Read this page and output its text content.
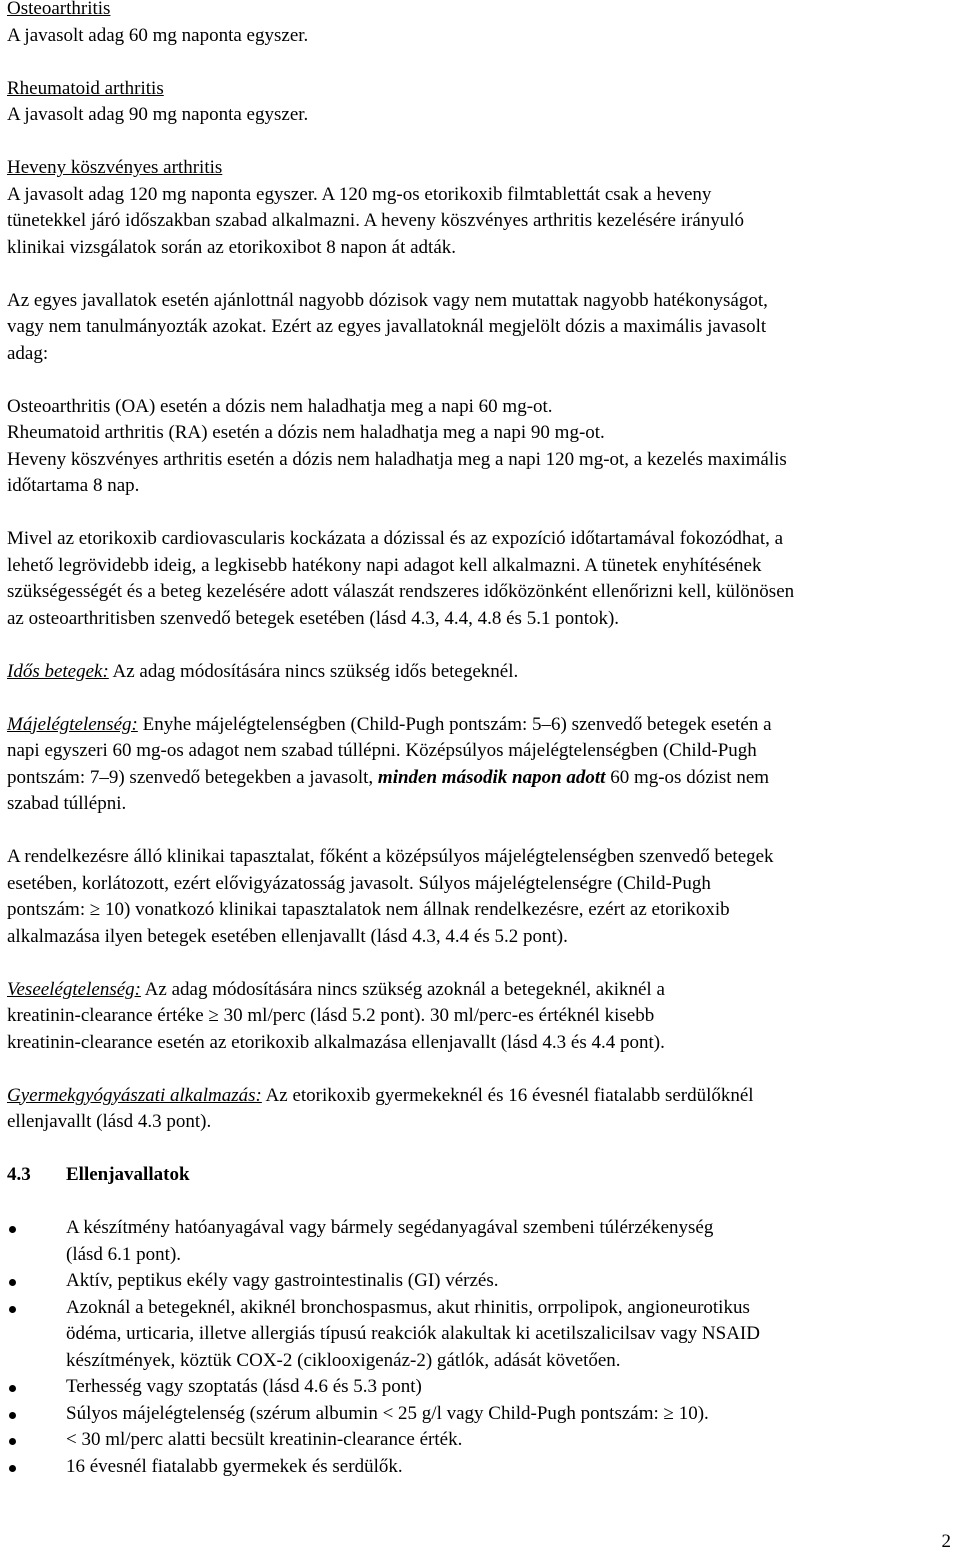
Osteoarthritis

A javasolt adag 60 mg naponta egyszer.

Rheumatoid arthritis

A javasolt adag 90 mg naponta egyszer.

Heveny köszvényes arthritis

A javasolt adag 120 mg naponta egyszer. A 120 mg-os etorikoxib filmtablettát csak a heveny

tünetekkel járó időszakban szabad alkalmazni. A heveny köszvényes arthritis kezelésére irányuló

klinikai vizsgálatok során az etorikoxibot 8 napon át adták.

Az egyes javallatok esetén ajánlottnál nagyobb dózisok vagy nem mutattak nagyobb hatékonyságot,

vagy nem tanulmányozták azokat. Ezért az egyes javallatoknál megjelölt dózis a maximális javasolt

adag:

Osteoarthritis (OA) esetén a dózis nem haladhatja meg a napi 60 mg-ot.

Rheumatoid arthritis (RA) esetén a dózis nem haladhatja meg a napi 90 mg-ot.

Heveny köszvényes arthritis esetén a dózis nem haladhatja meg a napi 120 mg-ot, a kezelés maximális

időtartama 8 nap.

Mivel az etorikoxib cardiovascularis kockázata a dózissal és az expozíció időtartamával fokozódhat, a

lehető legrövidebb ideig, a legkisebb hatékony napi adagot kell alkalmazni. A tünetek enyhítésének

szükségességét és a beteg kezelésére adott válaszát rendszeres időközönként ellenőrizni kell, különösen

az osteoarthritisben szenvedő betegek esetében (lásd 4.3, 4.4, 4.8 és 5.1 pontok).

Idős betegek: Az adag módosítására nincs szükség idős betegeknél.

Májelégtelenség: Enyhe májelégtelenségben (Child-Pugh pontszám: 5–6) szenvedő betegek esetén a

napi egyszeri 60 mg-os adagot nem szabad túllépni. Középsúlyos májelégtelenségben (Child-Pugh

pontszám: 7–9) szenvedő betegekben a javasolt, minden második napon adott 60 mg-os dózist nem

szabad túllépni.

A rendelkezésre álló klinikai tapasztalat, főként a középsúlyos májelégtelenségben szenvedő betegek

esetében, korlátozott, ezért elővigyázatosság javasolt. Súlyos májelégtelenségre (Child-Pugh

pontszám: ≥ 10) vonatkozó klinikai tapasztalatok nem állnak rendelkezésre, ezért az etorikoxib

alkalmazása ilyen betegek esetében ellenjavallt (lásd 4.3, 4.4 és 5.2 pont).

Veseelégtelenség: Az adag módosítására nincs szükség azoknál a betegeknél, akiknél a

kreatinin-clearance értéke ≥ 30 ml/perc (lásd 5.2 pont). 30 ml/perc-es értéknél kisebb

kreatinin-clearance esetén az etorikoxib alkalmazása ellenjavallt (lásd 4.3 és 4.4 pont).

Gyermekgyógyászati alkalmazás: Az etorikoxib gyermekeknél és 16 évesnél fiatalabb serdülőknél

ellenjavallt (lásd 4.3 pont).

4.3	Ellenjavallatok

A készítmény hatóanyagával vagy bármely segédanyagával szembeni túlérzékenység
(lásd 6.1 pont).
Aktív, peptikus ekély vagy gastrointestinalis (GI) vérzés.
Azoknál a betegeknél, akiknél bronchospasmus, akut rhinitis, orrpolipok, angioneurotikus
ödéma, urticaria, illetve allergiás típusú reakciók alakultak ki acetilszalicilsav vagy NSAID
készítmények, köztük COX-2 (ciklooxigenáz-2) gátlók, adását követően.
Terhesség vagy szoptatás (lásd 4.6 és 5.3 pont)
Súlyos májelégtelenség (szérum albumin < 25 g/l vagy Child-Pugh pontszám: ≥ 10).
< 30 ml/perc alatti becsült kreatinin-clearance érték.
16 évesnél fiatalabb gyermekek és serdülők.
2
